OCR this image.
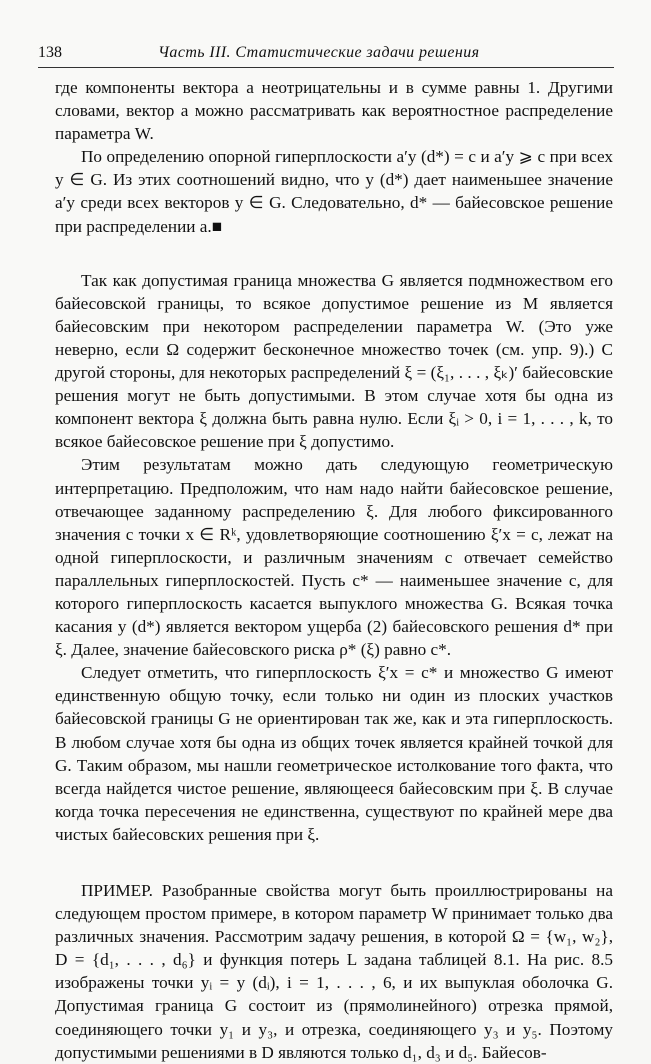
138	Часть III. Статистические задачи решения

где компоненты вектора a неотрицательны и в сумме равны 1. Другими словами, вектор a можно рассматривать как вероятностное распределение параметра W.

По определению опорной гиперплоскости a′y (d*) = c и a′y ⩾ c при всех y ∈ G. Из этих соотношений видно, что y (d*) дает наименьшее значение a′y среди всех векторов y ∈ G. Следовательно, d* — байесовское решение при распределении a.■

Так как допустимая граница множества G является подмножеством его байесовской границы, то всякое допустимое решение из M является байесовским при некотором распределении параметра W. (Это уже неверно, если Ω содержит бесконечное множество точек (см. упр. 9).) С другой стороны, для некоторых распределений ξ = (ξ₁, . . . , ξₖ)′ байесовские решения могут не быть допустимыми. В этом случае хотя бы одна из компонент вектора ξ должна быть равна нулю. Если ξᵢ > 0, i = 1, . . . , k, то всякое байесовское решение при ξ допустимо.

Этим результатам можно дать следующую геометрическую интерпретацию. Предположим, что нам надо найти байесовское решение, отвечающее заданному распределению ξ. Для любого фиксированного значения c точки x ∈ Rᵏ, удовлетворяющие соотношению ξ′x = c, лежат на одной гиперплоскости, и различным значениям c отвечает семейство параллельных гиперплоскостей. Пусть c* — наименьшее значение c, для которого гиперплоскость касается выпуклого множества G. Всякая точка касания y (d*) является вектором ущерба (2) байесовского решения d* при ξ. Далее, значение байесовского риска ρ* (ξ) равно c*.

Следует отметить, что гиперплоскость ξ′x = c* и множество G имеют единственную общую точку, если только ни один из плоских участков байесовской границы G не ориентирован так же, как и эта гиперплоскость. В любом случае хотя бы одна из общих точек является крайней точкой для G. Таким образом, мы нашли геометрическое истолкование того факта, что всегда найдется чистое решение, являющееся байесовским при ξ. В случае когда точка пересечения не единственна, существуют по крайней мере два чистых байесовских решения при ξ.

ПРИМЕР. Разобранные свойства могут быть проиллюстрированы на следующем простом примере, в котором параметр W принимает только два различных значения. Рассмотрим задачу решения, в которой Ω = {w₁, w₂}, D = {d₁, . . . , d₆} и функция потерь L задана таблицей 8.1. На рис. 8.5 изображены точки yᵢ = y (dᵢ), i = 1, . . . , 6, и их выпуклая оболочка G. Допустимая граница G состоит из (прямолинейного) отрезка прямой, соединяющего точки y₁ и y₃, и отрезка, соединяющего y₃ и y₅. Поэтому допустимыми решениями в D являются только d₁, d₃ и d₅. Байесов-
